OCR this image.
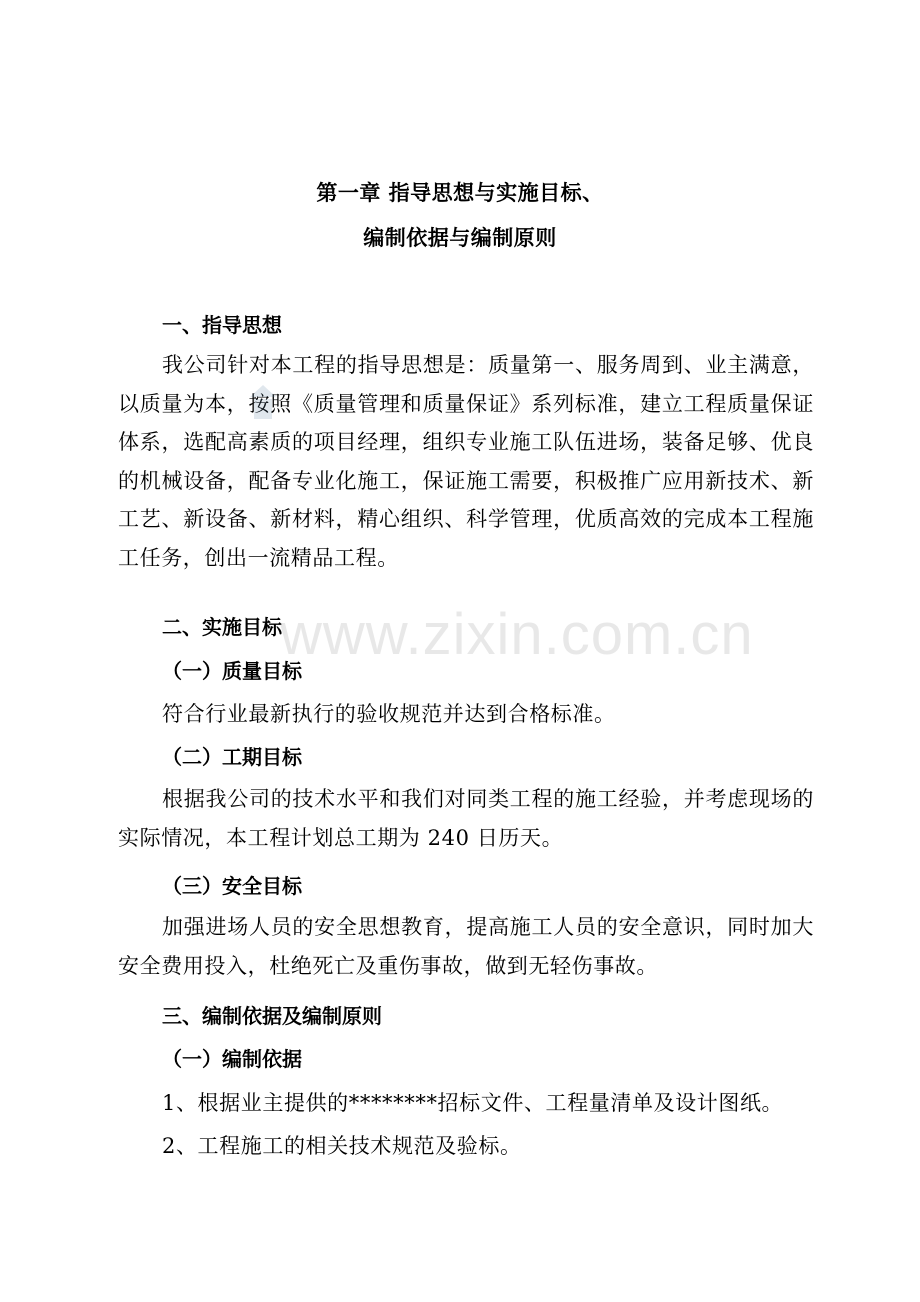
第一章 指导思想与实施目标、
编制依据与编制原则
一、指导思想
我公司针对本工程的指导思想是：质量第一、服务周到、业主满意，以质量为本，按照《质量管理和质量保证》系列标准，建立工程质量保证体系，选配高素质的项目经理，组织专业施工队伍进场，装备足够、优良的机械设备，配备专业化施工，保证施工需要，积极推广应用新技术、新工艺、新设备、新材料，精心组织、科学管理，优质高效的完成本工程施工任务，创出一流精品工程。
二、实施目标
（一）质量目标
符合行业最新执行的验收规范并达到合格标准。
（二）工期目标
根据我公司的技术水平和我们对同类工程的施工经验，并考虑现场的实际情况，本工程计划总工期为 240 日历天。
（三）安全目标
加强进场人员的安全思想教育，提高施工人员的安全意识，同时加大安全费用投入，杜绝死亡及重伤事故，做到无轻伤事故。
三、编制依据及编制原则
（一）编制依据
1、根据业主提供的********招标文件、工程量清单及设计图纸。
2、工程施工的相关技术规范及验标。
www.zixin.com.cn
